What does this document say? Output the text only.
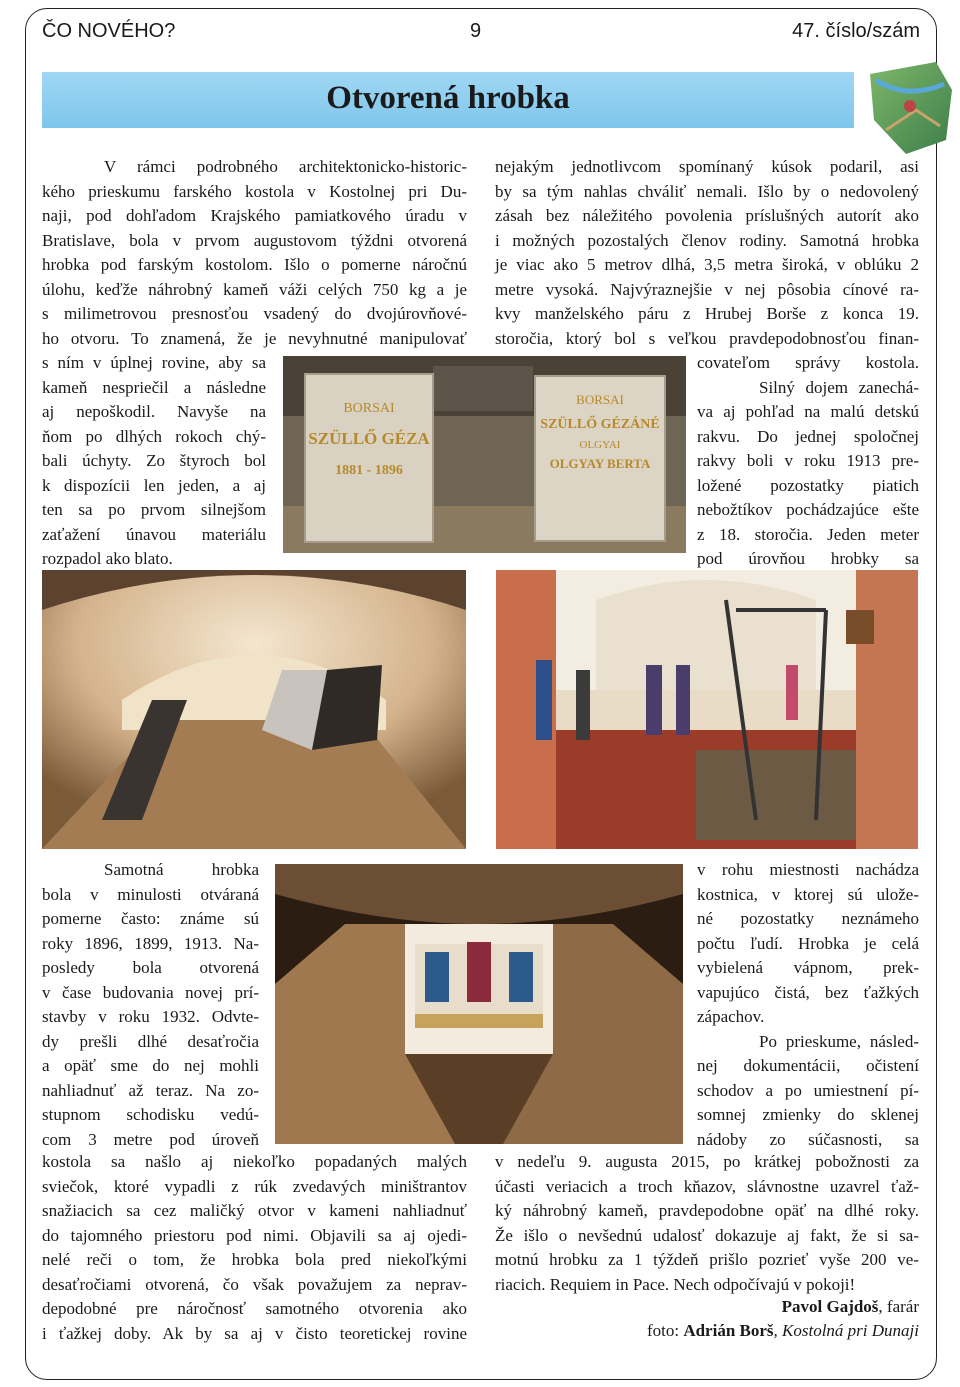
ČO NOVÉHO?	9	47. číslo/szám
Otvorená hrobka
V rámci podrobného architektonicko-historic-
kého prieskumu farského kostola v Kostolnej pri Du-
naji, pod dohľadom Krajského pamiatkového úradu v
Bratislave, bola v prvom augustovom týždni otvorená
hrobka pod farským kostolom. Išlo o pomerne náročnú
úlohu, keďže náhrobný kameň váži celých 750 kg a je
s milimetrovou presnosťou vsadený do dvojúrovňové-
ho otvoru. To znamená, že je nevyhnutné manipulovať
s ním v úplnej rovine, aby sa
kameň nespriečil a následne
aj nepoškodil. Navyše na
ňom po dlhých rokoch chý-
bali úchyty. Zo štyroch bol
k dispozícii len jeden, a aj
ten sa po prvom silnejšom
zaťažení únavou materiálu
rozpadol ako blato.
nejakým jednotlivcom spomínaný kúsok podaril, asi
by sa tým nahlas chváliť nemali. Išlo by o nedovolený
zásah bez náležitého povolenia príslušných autorít ako
i možných pozostalých členov rodiny. Samotná hrobka
je viac ako 5 metrov dlhá, 3,5 metra široká, v oblúku 2
metre vysoká. Najvýraznejšie v nej pôsobia cínové ra-
kvy manželského páru z Hrubej Borše z konca 19.
storočia, ktorý bol s veľkou pravdepodobnosťou finan-
covateľom správy kostola.
Silný dojem zanechá-
va aj pohľad na malú detskú
rakvu. Do jednej spoločnej
rakvy boli v roku 1913 pre-
ložené pozostatky piatich
nebožtíkov pochádzajúce ešte
z 18. storočia. Jeden meter
pod úrovňou hrobky sa
BORSAI
SZÜLLŐ GÉZA
1881 - 1896
BORSAI
SZÜLLŐ GÉZÁNÉ
OLGYAI
OLGYAY BERTA
Samotná hrobka
bola v minulosti otváraná
pomerne často: známe sú
roky 1896, 1899, 1913. Na-
posledy bola otvorená
v čase budovania novej prí-
stavby v roku 1932. Odvte-
dy prešli dlhé desaťročia
a opäť sme do nej mohli
nahliadnuť až teraz. Na zo-
stupnom schodisku vedú-
com 3 metre pod úroveň
v rohu miestnosti nachádza
kostnica, v ktorej sú ulože-
né pozostatky neznámeho
počtu ľudí. Hrobka je celá
vybielená vápnom, prek-
vapujúco čistá, bez ťažkých
zápachov.
Po prieskume, násled-
nej dokumentácii, očistení
schodov a po umiestnení pí-
somnej zmienky do sklenej
nádoby zo súčasnosti, sa
kostola sa našlo aj niekoľko popadaných malých
sviečok, ktoré vypadli z rúk zvedavých miništrantov
snažiacich sa cez maličký otvor v kameni nahliadnuť
do tajomného priestoru pod nimi. Objavili sa aj ojedi-
nelé reči o tom, že hrobka bola pred niekoľkými
desaťročiami otvorená, čo však považujem za neprav-
depodobné pre náročnosť samotného otvorenia ako
i ťažkej doby. Ak by sa aj v čisto teoretickej rovine
v nedeľu 9. augusta 2015, po krátkej pobožnosti za
účasti veriacich a troch kňazov, slávnostne uzavrel ťaž-
ký náhrobný kameň, pravdepodobne opäť na dlhé roky.
Že išlo o nevšednú udalosť dokazuje aj fakt, že si sa-
motnú hrobku za 1 týždeň prišlo pozrieť vyše 200 ve-
riacich. Requiem in Pace. Nech odpočívajú v pokoji!
Pavol Gajdoš, farár
foto: Adrián Borš, Kostolná pri Dunaji
